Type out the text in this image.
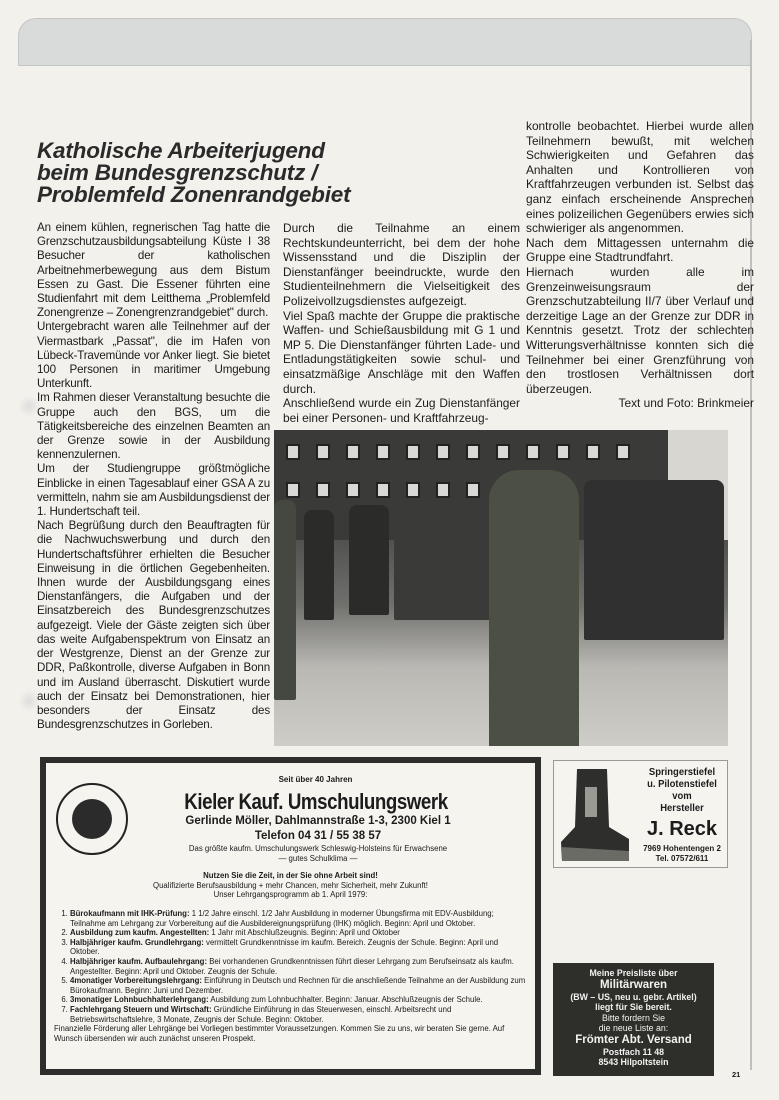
Katholische Arbeiterjugend
beim Bundesgrenzschutz /
Problemfeld Zonenrandgebiet

An einem kühlen, regnerischen Tag hatte die Grenzschutzausbildungsabteilung Küste I 38 Besucher der katholischen Arbeitnehmerbewegung aus dem Bistum Essen zu Gast. Die Essener führten eine Studienfahrt mit dem Leitthema „Problemfeld Zonengrenze – Zonengrenzrandgebiet" durch.

Untergebracht waren alle Teilnehmer auf der Viermastbark „Passat", die im Hafen von Lübeck-Travemünde vor Anker liegt. Sie bietet 100 Personen in maritimer Umgebung Unterkunft.

Im Rahmen dieser Veranstaltung besuchte die Gruppe auch den BGS, um die Tätigkeitsbereiche des einzelnen Beamten an der Grenze sowie in der Ausbildung kennenzulernen.

Um der Studiengruppe größtmögliche Einblicke in einen Tagesablauf einer GSA A zu vermitteln, nahm sie am Ausbildungsdienst der 1. Hundertschaft teil.

Nach Begrüßung durch den Beauftragten für die Nachwuchswerbung und durch den Hundertschaftsführer erhielten die Besucher Einweisung in die örtlichen Gegebenheiten. Ihnen wurde der Ausbildungsgang eines Dienstanfängers, die Aufgaben und der Einsatzbereich des Bundesgrenzschutzes aufgezeigt. Viele der Gäste zeigten sich über das weite Aufgabenspektrum von Einsatz an der Westgrenze, Dienst an der Grenze zur DDR, Paßkontrolle, diverse Aufgaben in Bonn und im Ausland überrascht. Diskutiert wurde auch der Einsatz bei Demonstrationen, hier besonders der Einsatz des Bundesgrenzschutzes in Gorleben.

Durch die Teilnahme an einem Rechtskundeunterricht, bei dem der hohe Wissensstand und die Disziplin der Dienstanfänger beeindruckte, wurde den Studienteilnehmern die Vielseitigkeit des Polizeivollzugsdienstes aufgezeigt.

Viel Spaß machte der Gruppe die praktische Waffen- und Schießausbildung mit G 1 und MP 5. Die Dienstanfänger führten Lade- und Entladungstätigkeiten sowie schul- und einsatzmäßige Anschläge mit den Waffen durch.

Anschließend wurde ein Zug Dienstanfänger bei einer Personen- und Kraftfahrzeug-

kontrolle beobachtet. Hierbei wurde allen Teilnehmern bewußt, mit welchen Schwierigkeiten und Gefahren das Anhalten und Kontrollieren von Kraftfahrzeugen verbunden ist. Selbst das ganz einfach erscheinende Ansprechen eines polizeilichen Gegenübers erwies sich schwieriger als angenommen.

Nach dem Mittagessen unternahm die Gruppe eine Stadtrundfahrt.

Hiernach wurden alle im Grenzeinweisungsraum der Grenzschutzabteilung II/7 über Verlauf und derzeitige Lage an der Grenze zur DDR in Kenntnis gesetzt. Trotz der schlechten Witterungsverhältnisse konnten sich die Teilnehmer bei einer Grenzführung von den trostlosen Verhältnissen dort überzeugen.

Text und Foto: Brinkmeier

Seit über 40 Jahren
Kieler Kauf. Umschulungswerk
Gerlinde Möller, Dahlmannstraße 1-3, 2300 Kiel 1
Telefon 04 31 / 55 38 57
Das größte kaufm. Umschulungswerk Schleswig-Holsteins für Erwachsene
— gutes Schulklima —
Nutzen Sie die Zeit, in der Sie ohne Arbeit sind!
Qualifizierte Berufsausbildung + mehr Chancen, mehr Sicherheit, mehr Zukunft!
Unser Lehrgangsprogramm ab 1. April 1979:
1. Bürokaufmann mit IHK-Prüfung: 1 1/2 Jahre einschl. 1/2 Jahr Ausbildung in moderner Übungsfirma mit EDV-Ausbildung; Teilnahme am Lehrgang zur Vorbereitung auf die Ausbildereignungsprüfung (IHK) möglich. Beginn: April und Oktober.
2. Ausbildung zum kaufm. Angestellten: 1 Jahr mit Abschlußzeugnis. Beginn: April und Oktober
3. Halbjähriger kaufm. Grundlehrgang: vermittelt Grundkenntnisse im kaufm. Bereich. Zeugnis der Schule. Beginn: April und Oktober.
4. Halbjähriger kaufm. Aufbaulehrgang: Bei vorhandenen Grundkenntnissen führt dieser Lehrgang zum Berufseinsatz als kaufm. Angestellter. Beginn: April und Oktober. Zeugnis der Schule.
5. 4monatiger Vorbereitungslehrgang: Einführung in Deutsch und Rechnen für die anschließende Teilnahme an der Ausbildung zum Bürokaufmann. Beginn: Juni und Dezember.
6. 3monatiger Lohnbuchhalterlehrgang: Ausbildung zum Lohnbuchhalter. Beginn: Januar. Abschlußzeugnis der Schule.
7. Fachlehrgang Steuern und Wirtschaft: Gründliche Einführung in das Steuerwesen, einschl. Arbeitsrecht und Betriebswirtschaftslehre, 3 Monate, Zeugnis der Schule. Beginn: Oktober.

Finanzielle Förderung aller Lehrgänge bei Vorliegen bestimmter Voraussetzungen. Kommen Sie zu uns, wir beraten Sie gerne. Auf Wunsch übersenden wir auch zunächst unseren Prospekt.

Springerstiefel
u. Pilotenstiefel
vom
Hersteller
J. Reck
7969 Hohentengen 2
Tel. 07572/611
Meine Preisliste über

Militärwaren
(BW – US, neu u. gebr. Artikel)
liegt für Sie bereit.
Bitte fordern Sie
die neue Liste an:

Frömter Abt. Versand
Postfach 11 48
8543 Hilpoltstein
21
